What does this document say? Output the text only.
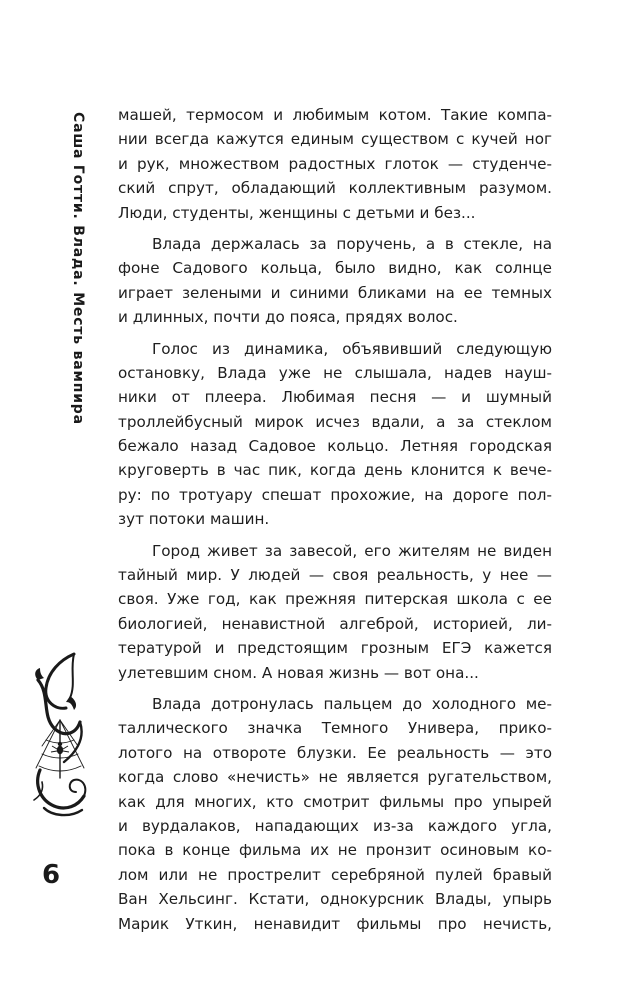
Саша Готти. Влада. Месть вампира
6
машей, термосом и любимым котом. Такие компа-
нии всегда кажутся единым существом с кучей ног
и рук, множеством радостных глоток — студенче-
ский спрут, обладающий коллективным разумом.
Люди, студенты, женщины с детьми и без...
Влада держалась за поручень, а в стекле, на
фоне Садового кольца, было видно, как солнце
играет зелеными и синими бликами на ее темных
и длинных, почти до пояса, прядях волос.
Голос из динамика, объявивший следующую
остановку, Влада уже не слышала, надев науш-
ники от плеера. Любимая песня — и шумный
троллейбусный мирок исчез вдали, а за стеклом
бежало назад Садовое кольцо. Летняя городская
круговерть в час пик, когда день клонится к вече-
ру: по тротуару спешат прохожие, на дороге пол-
зут потоки машин.
Город живет за завесой, его жителям не виден
тайный мир. У людей — своя реальность, у нее —
своя. Уже год, как прежняя питерская школа с ее
биологией, ненавистной алгеброй, историей, ли-
тературой и предстоящим грозным ЕГЭ кажется
улетевшим сном. А новая жизнь — вот она...
Влада дотронулась пальцем до холодного ме-
таллического значка Темного Универа, прико-
лотого на отвороте блузки. Ее реальность — это
когда слово «нечисть» не является ругательством,
как для многих, кто смотрит фильмы про упырей
и вурдалаков, нападающих из-за каждого угла,
пока в конце фильма их не пронзит осиновым ко-
лом или не прострелит серебряной пулей бравый
Ван Хельсинг. Кстати, однокурсник Влады, упырь
Марик Уткин, ненавидит фильмы про нечисть,
